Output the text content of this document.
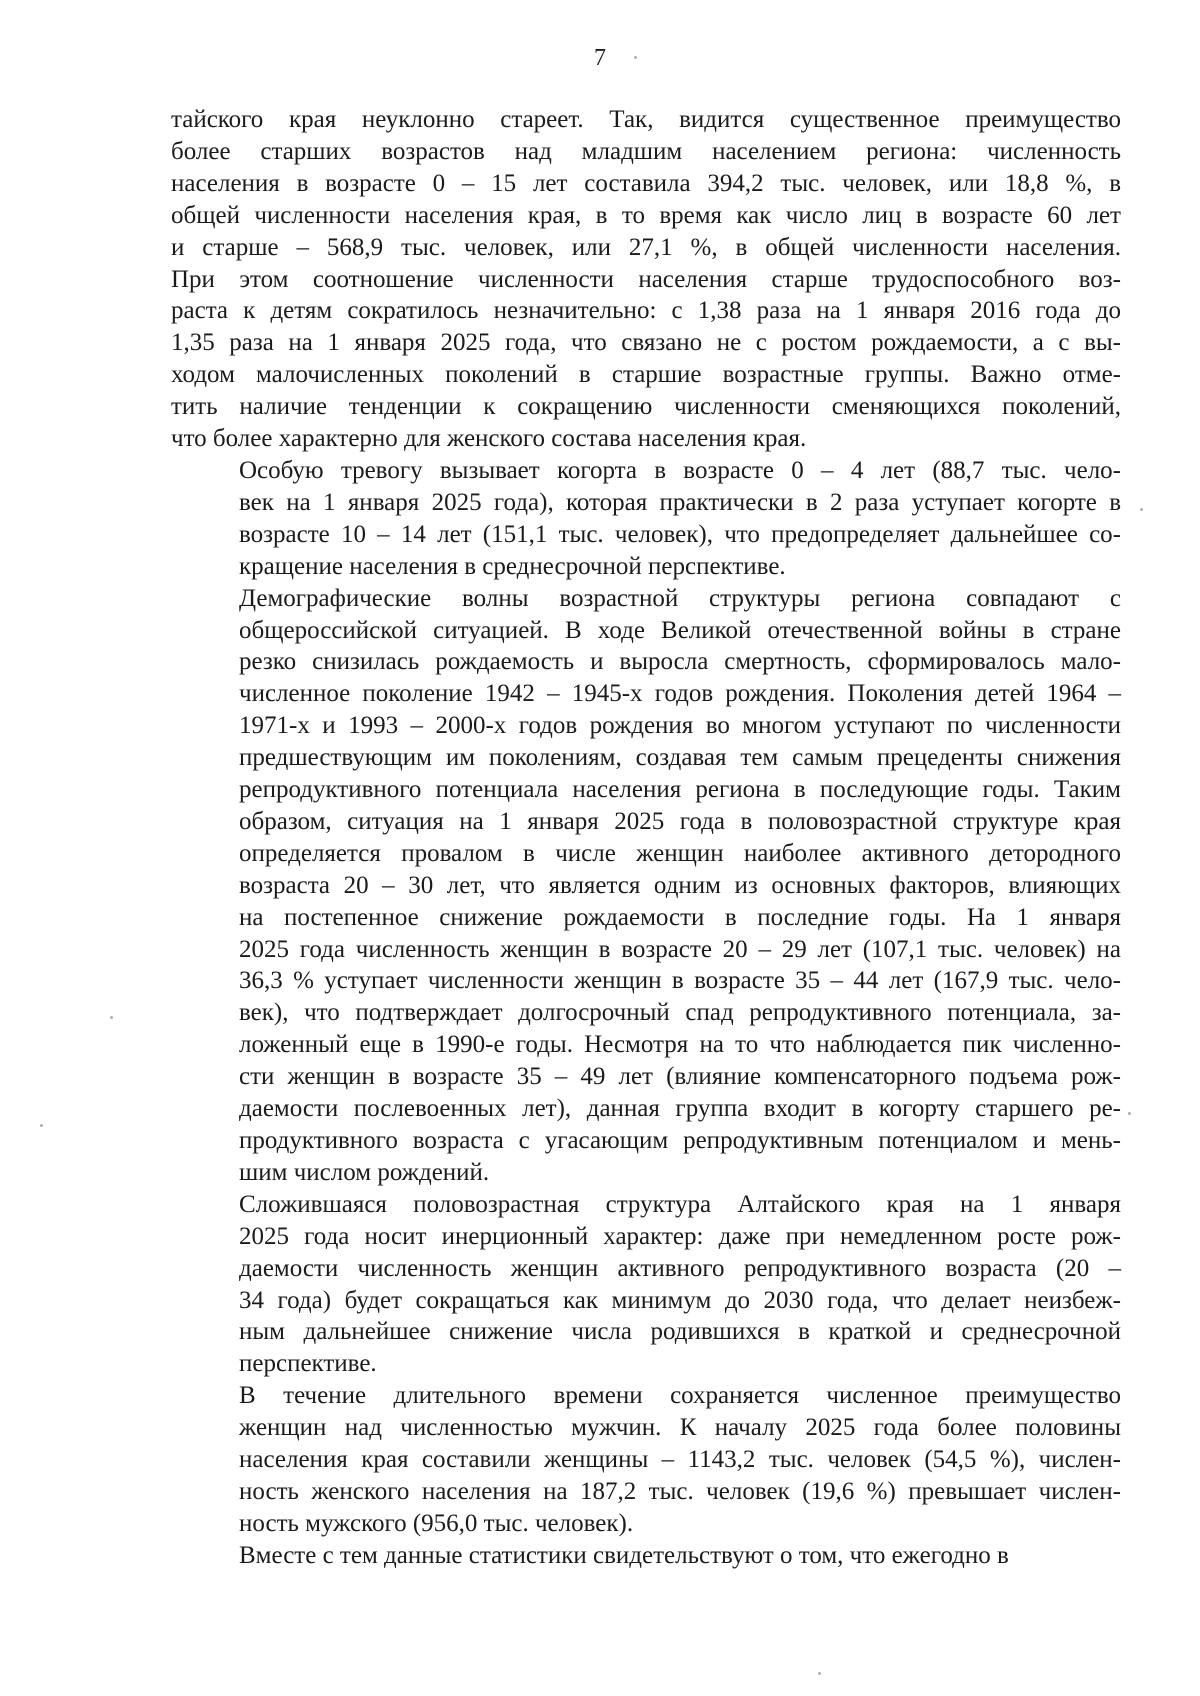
7

тайского края неуклонно стареет. Так, видится существенное преимущество
более старших возрастов над младшим населением региона: численность
населения в возрасте 0 – 15 лет составила 394,2 тыс. человек, или 18,8 %, в
общей численности населения края, в то время как число лиц в возрасте 60 лет
и старше – 568,9 тыс. человек, или 27,1 %, в общей численности населения.
При этом соотношение численности населения старше трудоспособного воз-
раста к детям сократилось незначительно: с 1,38 раза на 1 января 2016 года до
1,35 раза на 1 января 2025 года, что связано не с ростом рождаемости, а с вы-
ходом малочисленных поколений в старшие возрастные группы. Важно отме-
тить наличие тенденции к сокращению численности сменяющихся поколений,
что более характерно для женского состава населения края.

Особую тревогу вызывает когорта в возрасте 0 – 4 лет (88,7 тыс. чело-
век на 1 января 2025 года), которая практически в 2 раза уступает когорте в
возрасте 10 – 14 лет (151,1 тыс. человек), что предопределяет дальнейшее со-
кращение населения в среднесрочной перспективе.

Демографические волны возрастной структуры региона совпадают с
общероссийской ситуацией. В ходе Великой отечественной войны в стране
резко снизилась рождаемость и выросла смертность, сформировалось мало-
численное поколение 1942 – 1945-х годов рождения. Поколения детей 1964 –
1971-х и 1993 – 2000-х годов рождения во многом уступают по численности
предшествующим им поколениям, создавая тем самым прецеденты снижения
репродуктивного потенциала населения региона в последующие годы. Таким
образом, ситуация на 1 января 2025 года в половозрастной структуре края
определяется провалом в числе женщин наиболее активного детородного
возраста 20 – 30 лет, что является одним из основных факторов, влияющих
на постепенное снижение рождаемости в последние годы. На 1 января
2025 года численность женщин в возрасте 20 – 29 лет (107,1 тыс. человек) на
36,3 % уступает численности женщин в возрасте 35 – 44 лет (167,9 тыс. чело-
век), что подтверждает долгосрочный спад репродуктивного потенциала, за-
ложенный еще в 1990-е годы. Несмотря на то что наблюдается пик численно-
сти женщин в возрасте 35 – 49 лет (влияние компенсаторного подъема рож-
даемости послевоенных лет), данная группа входит в когорту старшего ре-
продуктивного возраста с угасающим репродуктивным потенциалом и мень-
шим числом рождений.

Сложившаяся половозрастная структура Алтайского края на 1 января
2025 года носит инерционный характер: даже при немедленном росте рож-
даемости численность женщин активного репродуктивного возраста (20 –
34 года) будет сокращаться как минимум до 2030 года, что делает неизбеж-
ным дальнейшее снижение числа родившихся в краткой и среднесрочной
перспективе.

В течение длительного времени сохраняется численное преимущество
женщин над численностью мужчин. К началу 2025 года более половины
населения края составили женщины – 1143,2 тыс. человек (54,5 %), числен-
ность женского населения на 187,2 тыс. человек (19,6 %) превышает числен-
ность мужского (956,0 тыс. человек).

Вместе с тем данные статистики свидетельствуют о том, что ежегодно в
